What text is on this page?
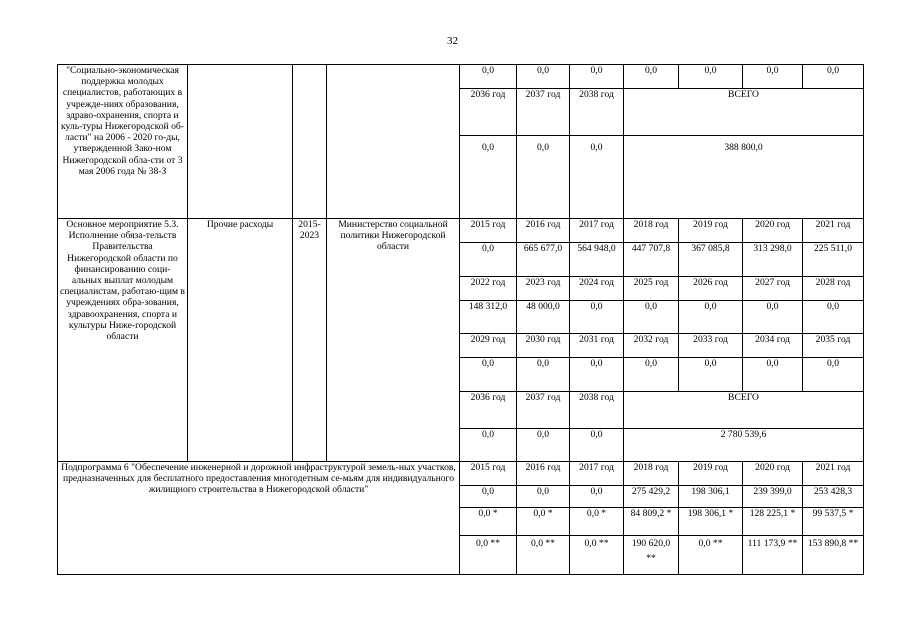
32
"Социально-экономическая поддержка молодых специалистов, работающих в учрежде-ниях образования, здраво-охранения, спорта и куль-туры Нижегородской об-ласти" на 2006 - 2020 го-ды, утвержденной Зако-ном Нижегородской обла-сти от 3 мая 2006 года № 38-З				0,0	0,0	0,0	0,0	0,0	0,0	0,0
				2036 год	2037 год	2038 год	ВСЕГО			
				0,0	0,0	0,0	388 800,0			
Основное мероприятие 5.3. Исполнение обяза-тельств Правительства Нижегородской области по финансированию соци-альных выплат молодым специалистам, работаю-щим в учреждениях обра-зования, здравоохранения, спорта и культуры Ниже-городской области	Прочие расходы	2015-2023	Министерство социальной политики Нижегородской области	2015 год	2016 год	2017 год	2018 год	2019 год	2020 год	2021 год
				0,0	665 677,0	564 948,0	447 707,8	367 085,8	313 298,0	225 511,0
				2022 год	2023 год	2024 год	2025 год	2026 год	2027 год	2028 год
				148 312,0	48 000,0	0,0	0,0	0,0	0,0	0,0
				2029 год	2030 год	2031 год	2032 год	2033 год	2034 год	2035 год
				0,0	0,0	0,0	0,0	0,0	0,0	0,0
				2036 год	2037 год	2038 год	ВСЕГО			
				0,0	0,0	0,0	2 780 539,6			
Подпрограмма 6 "Обеспечение инженерной и дорожной инфраструктурой земель-ных участков, предназначенных для бесплатного предоставления многодетным се-мьям для индивидуального жилищного строительства в Нижегородской области"				2015 год	2016 год	2017 год	2018 год	2019 год	2020 год	2021 год
				0,0	0,0	0,0	275 429,2	198 306,1	239 399,0	253 428,3
				0,0 *	0,0 *	0,0 *	84 809,2 *	198 306,1 *	128 225,1 *	99 537,5 *
				0,0 **	0,0 **	0,0 **	190 620,0 **	0,0 **	111 173,9 **	153 890,8 **
